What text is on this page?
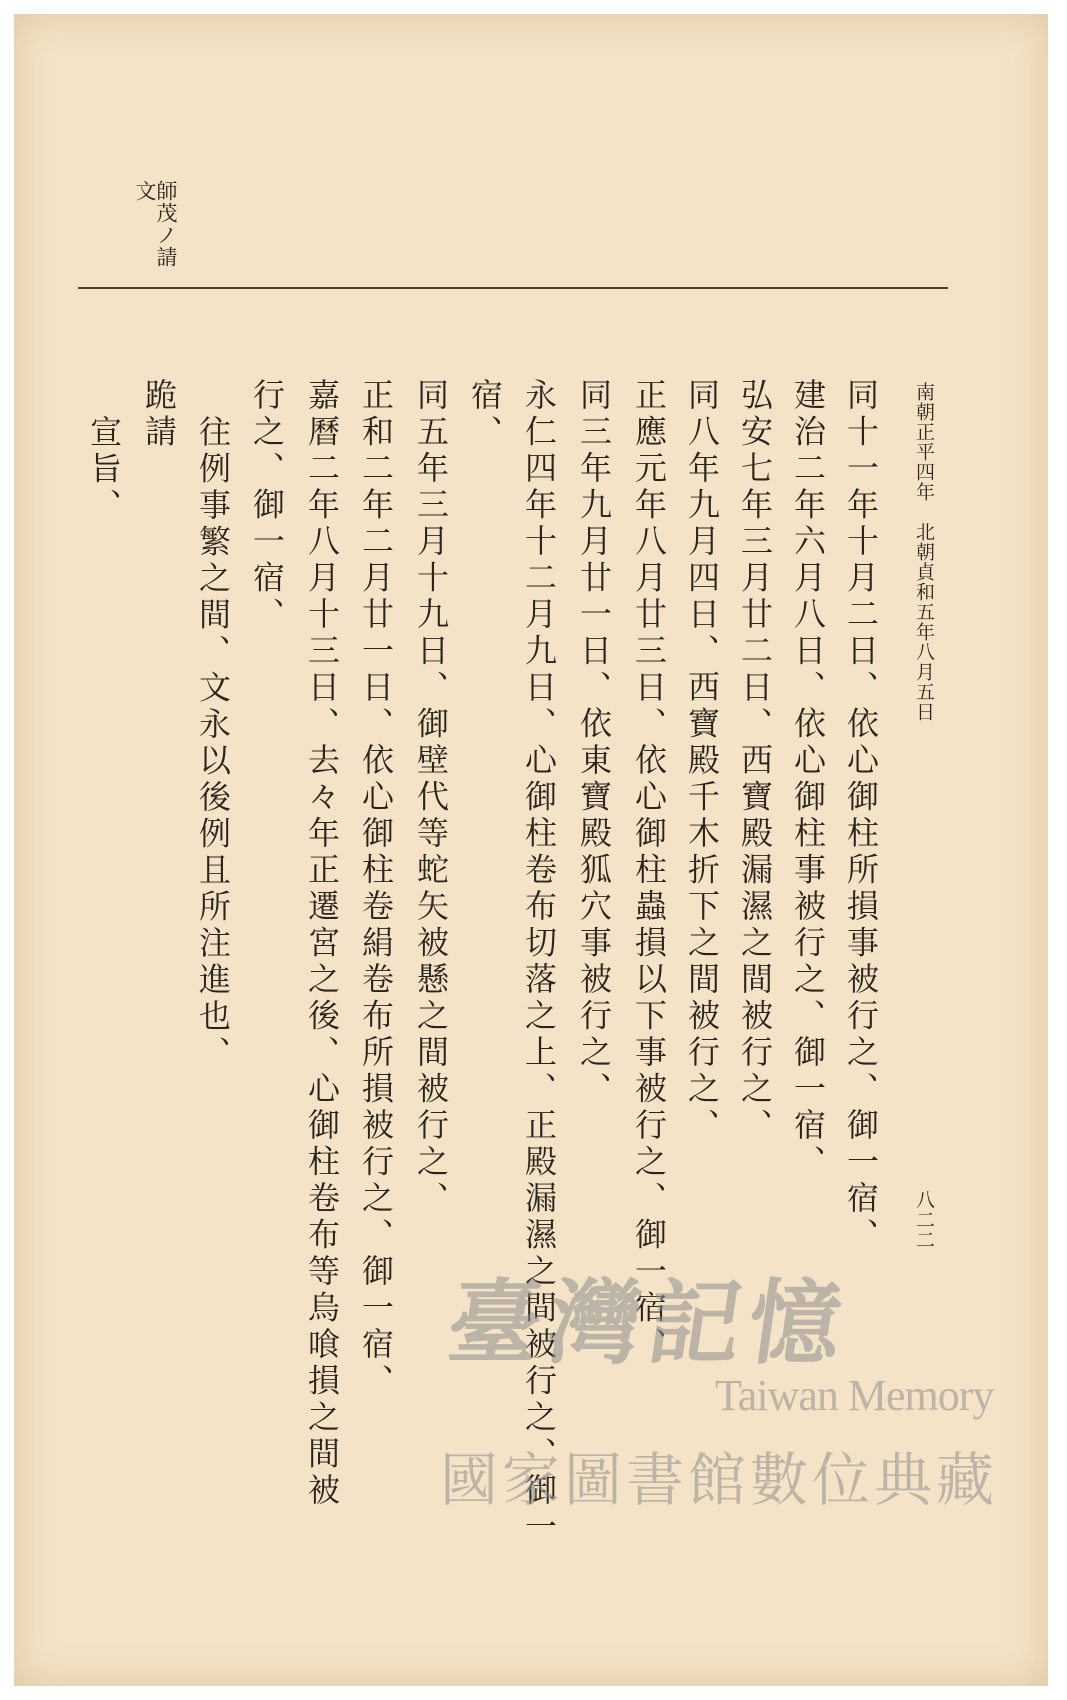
師茂ノ請
文
南朝正平四年　北朝貞和五年八月五日
八二二
同十一年十月二日、依心御柱所損事被行之、御一宿、
建治二年六月八日、依心御柱事被行之、御一宿、
弘安七年三月廿二日、西寶殿漏濕之間被行之、
同八年九月四日、西寶殿千木折下之間被行之、
正應元年八月廿三日、依心御柱蟲損以下事被行之、御一宿、
同三年九月廿一日、依東寶殿狐穴事被行之、
永仁四年十二月九日、心御柱卷布切落之上、正殿漏濕之間被行之、御一
宿、
同五年三月十九日、御壁代等蛇矢被懸之間被行之、
正和二年二月廿一日、依心御柱卷絹卷布所損被行之、御一宿、
嘉曆二年八月十三日、去々年正遷宮之後、心御柱卷布等烏喰損之間被
行之、御一宿、
往例事繁之間、文永以後例且所注進也、
跪請
宣旨、
臺灣記憶
Taiwan Memory
國家圖書館數位典藏
